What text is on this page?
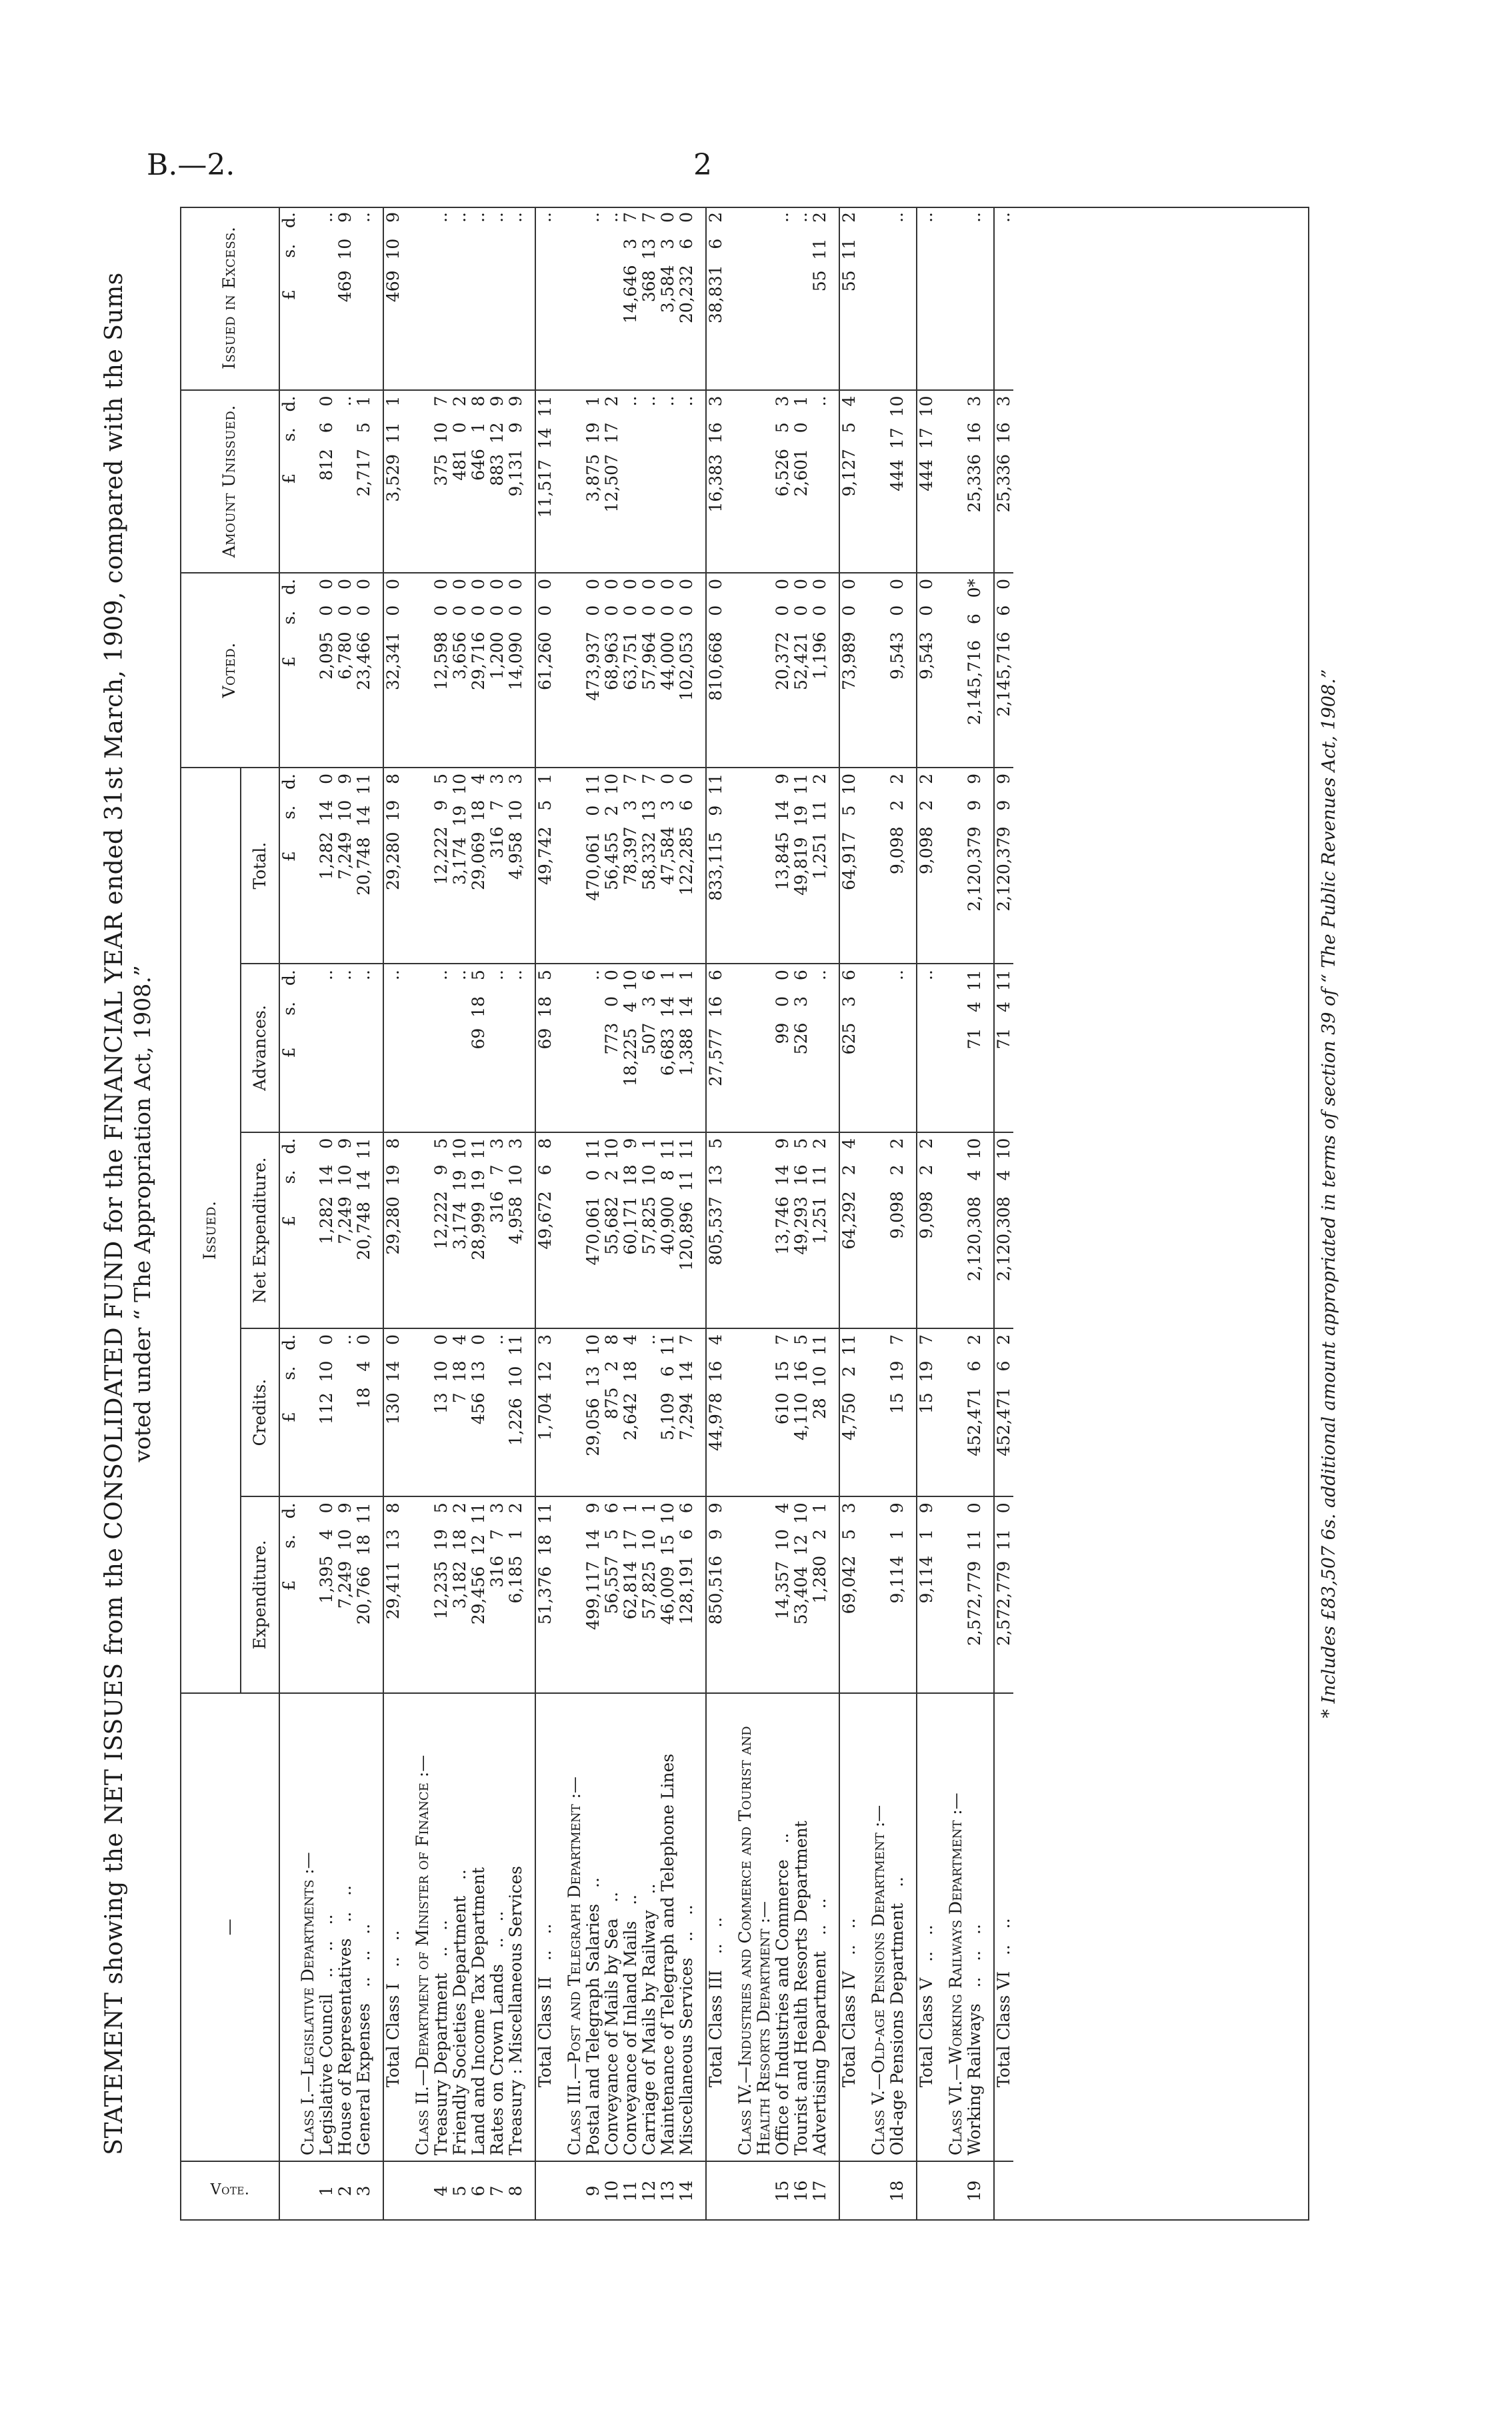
B.—2.	2
STATEMENT showing the NET ISSUES from the CONSOLIDATED FUND for the FINANCIAL YEAR ended 31st March, 1909, compared with the Sums voted under “ The Appropriation Act, 1908.”
Vote.	—	Issued.					Voted.	Amount Unissued.	Issued in Excess.
		Expenditure.	Credits.	Net Expenditure.	Advances.	Total.			
		£      s.   d.	£      s.   d.	£      s.   d.	£      s.   d.	£      s.   d.	£      s.   d.	£      s.   d.	£      s.   d.
	Class I.—Legislative Departments :—								
1	Legislative Council   ..   ..   ..	1,395   4   0	112  10   0	1,282  14   0	..	1,282  14   0	2,095   0   0	812   6   0	..
2	House of Representatives   ..   ..	7,249  10   9	..	7,249  10   9	..	7,249  10   9	6,780   0   0	..	469  10   9
3	General Expenses   ..   ..   ..	20,766  18  11	18   4   0	20,748  14  11	..	20,748  14  11	23,466   0   0	2,717   5   1	..
	Total Class I   ..   ..	29,411  13   8	130  14   0	29,280  19   8	..	29,280  19   8	32,341   0   0	3,529  11   1	469  10   9

	Class II.—Department of Minister of Finance :—								
4	Treasury Department   ..   ..	12,235  19   5	13  10   0	12,222   9   5	..	12,222   9   5	12,598   0   0	375  10   7	..
5	Friendly Societies Department   ..	3,182  18   2	7  18   4	3,174  19  10	..	3,174  19  10	3,656   0   0	481   0   2	..
6	Land and Income Tax Department	29,456  12  11	456  13   0	28,999  19  11	69  18   5	29,069  18   4	29,716   0   0	646   1   8	..
7	Rates on Crown Lands   ..   ..	316   7   3	..	316   7   3	..	316   7   3	1,200   0   0	883  12   9	..
8	Treasury : Miscellaneous Services	6,185   1   2	1,226  10  11	4,958  10   3	..	4,958  10   3	14,090   0   0	9,131   9   9	..
	Total Class II   ..   ..	51,376  18  11	1,704  12   3	49,672   6   8	69  18   5	49,742   5   1	61,260   0   0	11,517  14  11	..

	Class III.—Post and Telegraph Department :—								
9	Postal and Telegraph Salaries   ..	499,117  14   9	29,056  13  10	470,061   0  11	..	470,061   0  11	473,937   0   0	3,875  19   1	..
10	Conveyance of Mails by Sea   ..	56,557   5   6	875   2   8	55,682   2  10	773   0   0	56,455   2  10	68,963   0   0	12,507  17   2	..
11	Conveyance of Inland Mails   ..	62,814  17   1	2,642  18   4	60,171  18   9	18,225   4  10	78,397   3   7	63,751   0   0	..	14,646   3   7
12	Carriage of Mails by Railway   ..	57,825  10   1	..	57,825  10   1	507   3   6	58,332  13   7	57,964   0   0	..	368  13   7
13	Maintenance of Telegraph and Telephone Lines	46,009  15  10	5,109   6  11	40,900   8  11	6,683  14   1	47,584   3   0	44,000   0   0	..	3,584   3   0
14	Miscellaneous Services   ..   ..	128,191   6   6	7,294  14   7	120,896  11  11	1,388  14   1	122,285   6   0	102,053   0   0	..	20,232   6   0
	Total Class III   ..   ..	850,516   9   9	44,978  16   4	805,537  13   5	27,577  16   6	833,115   9  11	810,668   0   0	16,383  16   3	38,831   6   2

	Class IV.—Industries and Commerce and Tourist and Health Resorts Department :—								
15	Office of Industries and Commerce   ..	14,357  10   4	610  15   7	13,746  14   9	99   0   0	13,845  14   9	20,372   0   0	6,526   5   3	..
16	Tourist and Health Resorts Department	53,404  12  10	4,110  16   5	49,293  16   5	526   3   6	49,819  19  11	52,421   0   0	2,601   0   1	..
17	Advertising Department   ..   ..	1,280   2   1	28  10  11	1,251  11   2	..	1,251  11   2	1,196   0   0	..	55  11   2
	Total Class IV   ..   ..	69,042   5   3	4,750   2  11	64,292   2   4	625   3   6	64,917   5  10	73,989   0   0	9,127   5   4	55  11   2

	Class V.—Old-age Pensions Department :—								
18	Old-age Pensions Department   ..	9,114   1   9	15  19   7	9,098   2   2	..	9,098   2   2	9,543   0   0	444  17  10	..
	Total Class V   ..   ..	9,114   1   9	15  19   7	9,098   2   2	..	9,098   2   2	9,543   0   0	444  17  10	..

	Class VI.—Working Railways Department :—								
19	Working Railways   ..   ..   ..	2,572,779  11   0	452,471   6   2	2,120,308   4  10	71   4  11	2,120,379   9   9	2,145,716   6   0*	25,336  16   3	..
	Total Class VI   ..   ..	2,572,779  11   0	452,471   6   2	2,120,308   4  10	71   4  11	2,120,379   9   9	2,145,716   6   0	25,336  16   3	..
* Includes £83,507 6s. additional amount appropriated in terms of section 39 of “ The Public Revenues Act, 1908.”
